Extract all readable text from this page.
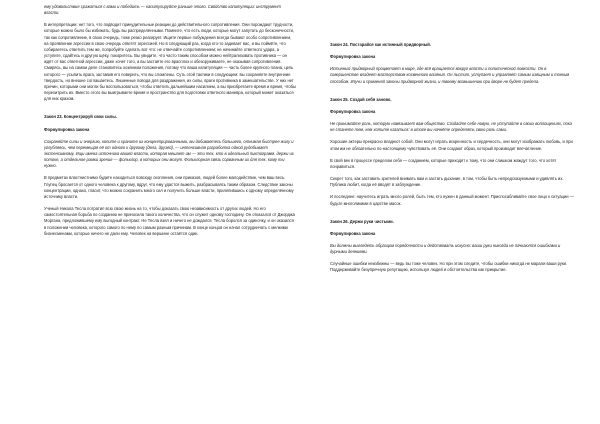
ему удовольствие сражаться с вами и победить — капитулируйте раньше этого. Свойство капитуляции: инструмент власти.

В интерпретации: нет того, что подводит принудительные реакции до действительного сопротивления. Они порождают трудности, которые можно было бы избежать, будь вы распределёнными. Помните, что есть люди, которые могут запутать до бесконечности, так как сопротивление, в свою очередь, тоже резко реагирует. Ищите первые побуждения всегда бывают особо сопротивлением, на проявление агрессии в свою очередь ответят агрессией. Но в следующий раз, когда кто-то задевает вас, и вы поймёте, что собираетесь ответить тем же, попробуйте сделать вот что: не отвечайте сопротивлением; не начинайте ответного удара, а уступите, сдайтесь и другую щёку, покоритесь. Вы увидите, что часто таким способом можно нейтрализовать противника — он ждёт от вас ответной агрессии, даже хочет того, а вы застаёте его врасплох и обезоруживаете, не оказывая сопротивления. Смирясь, вы на самом деле становитесь хозяином положения, потому что ваша капитуляция — часть более крупного плана, цель которого — усыпить врага, заставив его поверить, что вы сломлены. Суть этой тактики в следующем: вы сохраняете внутренние твердость, но внешне соглашаетесь. Лишенные повода для раздражения, их силы, враги противника в замешательстве. У них нет причин, которыми они могли бы воспользоваться, чтобы ответить дальнейшим насилием, а вы приобретаете время и время, чтобы перехитрить их. Вместо этого вы выигрываете время и пространство для подготовки ответного маневра, который может оказаться для них крахом.

Закон 23. Концентрируй свои силы.

Формулировка закона

Сохраняйте силы и энергию, копите и храните их концентрированными, вы добиваетесь большего, отнимая быстрее жилу и углубляясь, чем перемещая её от одного к другому (дела, друзей), — интенсивная разработка одной рудобывает экстенсивному. Ищи имена источника вашей власти, которая мешает им — эти тех, кто в идеальный пиктограмм, держи их потоке, а отдельное рамки зрения — фольклор, в которых они могут. Фольклорная связь сорванным их для тех, кому ты нужно.

В предметах властнистнимо будите находиться повсюду скопления, они приказов, людей более малодействие, чем ваш весь. Глупец бросается от одного человека к другому, вдруг, что ему удастся выжить, разбрасываясь таким образом. Следствие законы концентрации, однако, гласит, что можно сохранить много сил и получить больше власти, прилепившись к одному определённому источнику власти.

Ученый Никола Тесла потратил всю свою жизнь на то, чтобы доказать свою независимость от других людей. Но его самостоятельная борьба по созданию не приносила такого количества, что он служит одному господину. Он отказался от Джорджа Моргана, предложившему ему выгодный контракт. Не Тесла взял и ничего не дождался. Тесла боролся за одиночку, и он оказался в положении человека, которого самого по нему по самым разным причинам. В конце концов он начал сотрудничать с мелкими бизнесменами, которые ничего не дали ему. Человек на вершине остаётся один.

Закон 24. Постарайся как истинный придворный.

Формулировка закона

Истинный придворный процветает в мире, где всё вращается вокруг власти и политической ловкости. Он в совершенстве владеет мастерством косвенного влияния. Он льстит, уступает и управляет самым изящным и тонким способом. Изучи и применяй законы придворной жизни, и твоему возвышению при дворе не будет предела.

Закон 25. Создай себя заново.

Формулировка закона

Не принимайте роль, которую навязывает вам общество. Создайте себе новую, не уступайте в своих воплощениях, пока не станете тем, кем хотите казаться: в итоге вы начнёте определять свою роль сами.

Хорошие актеры прекрасно владеют собой. Они могут играть искренность и сердечность, они могут изображать любовь, и при этом им не обязательно по-настоящему чувствовать её. Они создают образ, который производит впечатление.

В свой век в процессе пределом себя — созданием, которые приходят к тому, что они слишком жаждут того, что хотят понравиться.

Секрет того, как заставить зрителей внимать вам и застать дыхание, в том, чтобы быть непредсказуемыми и удивлять их. Публика любит, когда её вводят в заблуждение.

И последнее: научитесь играть много ролей, быть тем, кто нужен в данный момент. Приспосабливайте свое лицо к ситуации — будьте многоликими в царстве масок.

Закон 26. Держи руки чистыми.

Формулировка закона

Вы должны выглядеть образцом порядочности и действовать искусно: ваши руки никогда не пачкаются ошибками и дурными деяниями.

Случайные ошибки неизбежны — ведь вы тоже человек. Но при этом следите, чтобы ошибки никогда не марали ваши руки. Поддерживайте безупречную репутацию, используя людей и обстоятельства как прикрытие.
